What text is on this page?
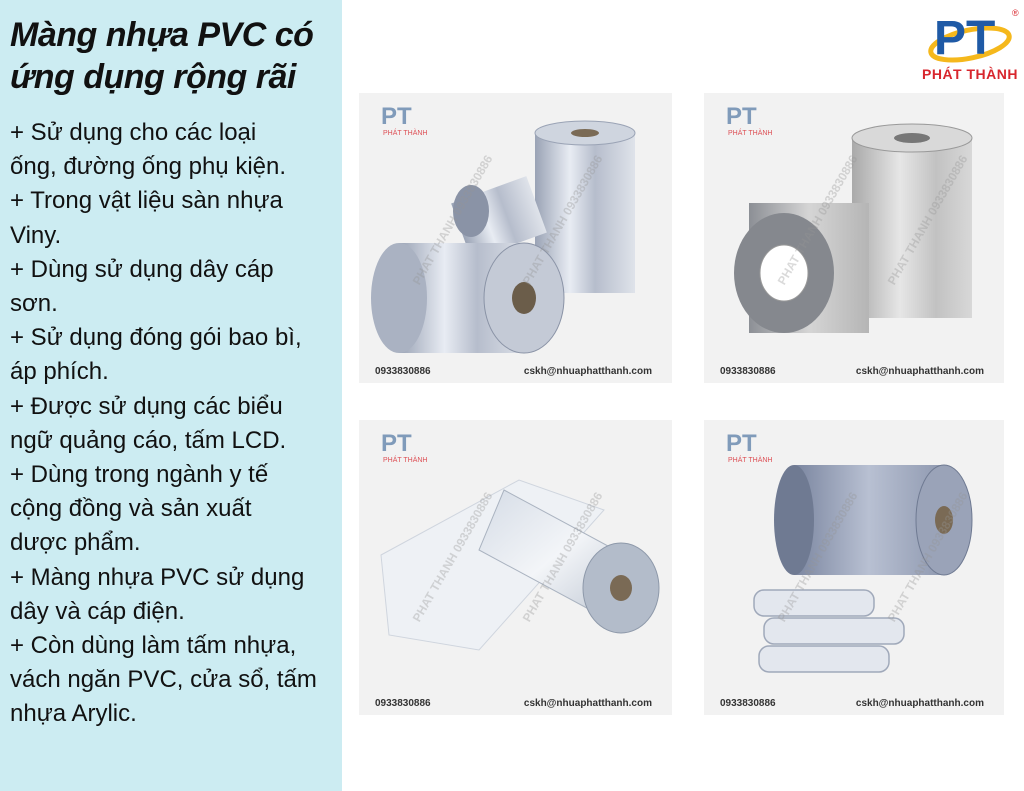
Màng nhựa PVC có
ứng dụng rộng rãi
+ Sử dụng cho các loại
ống, đường ống phụ kiện.
+ Trong vật liệu sàn nhựa
Viny.
+ Dùng sử dụng dây cáp
sơn.
+ Sử dụng đóng gói bao bì,
áp phích.
+ Được sử dụng các biểu
ngữ quảng cáo, tấm LCD.
+ Dùng trong ngành y tế
cộng đồng và sản xuất
dược phẩm.
+ Màng nhựa PVC sử dụng
dây và cáp điện.
+ Còn dùng làm tấm nhựa,
vách ngăn PVC, cửa sổ, tấm
nhựa Arylic.
PT ®
PHÁT THÀNH
PHAT THANH 0933830886 PHAT THANH 0933830886
PT
PHÁT THÀNH
0933830886	cskh@nhuaphatthanh.com
PHAT THANH 0933830886 PHAT THANH 0933830886
PT
PHÁT THÀNH
0933830886	cskh@nhuaphatthanh.com
PHAT THANH 0933830886 PHAT THANH 0933830886
PT
PHÁT THÀNH
0933830886	cskh@nhuaphatthanh.com
PHAT THANH 0933830886 PHAT THANH 0933830886
PT
PHÁT THÀNH
0933830886	cskh@nhuaphatthanh.com
